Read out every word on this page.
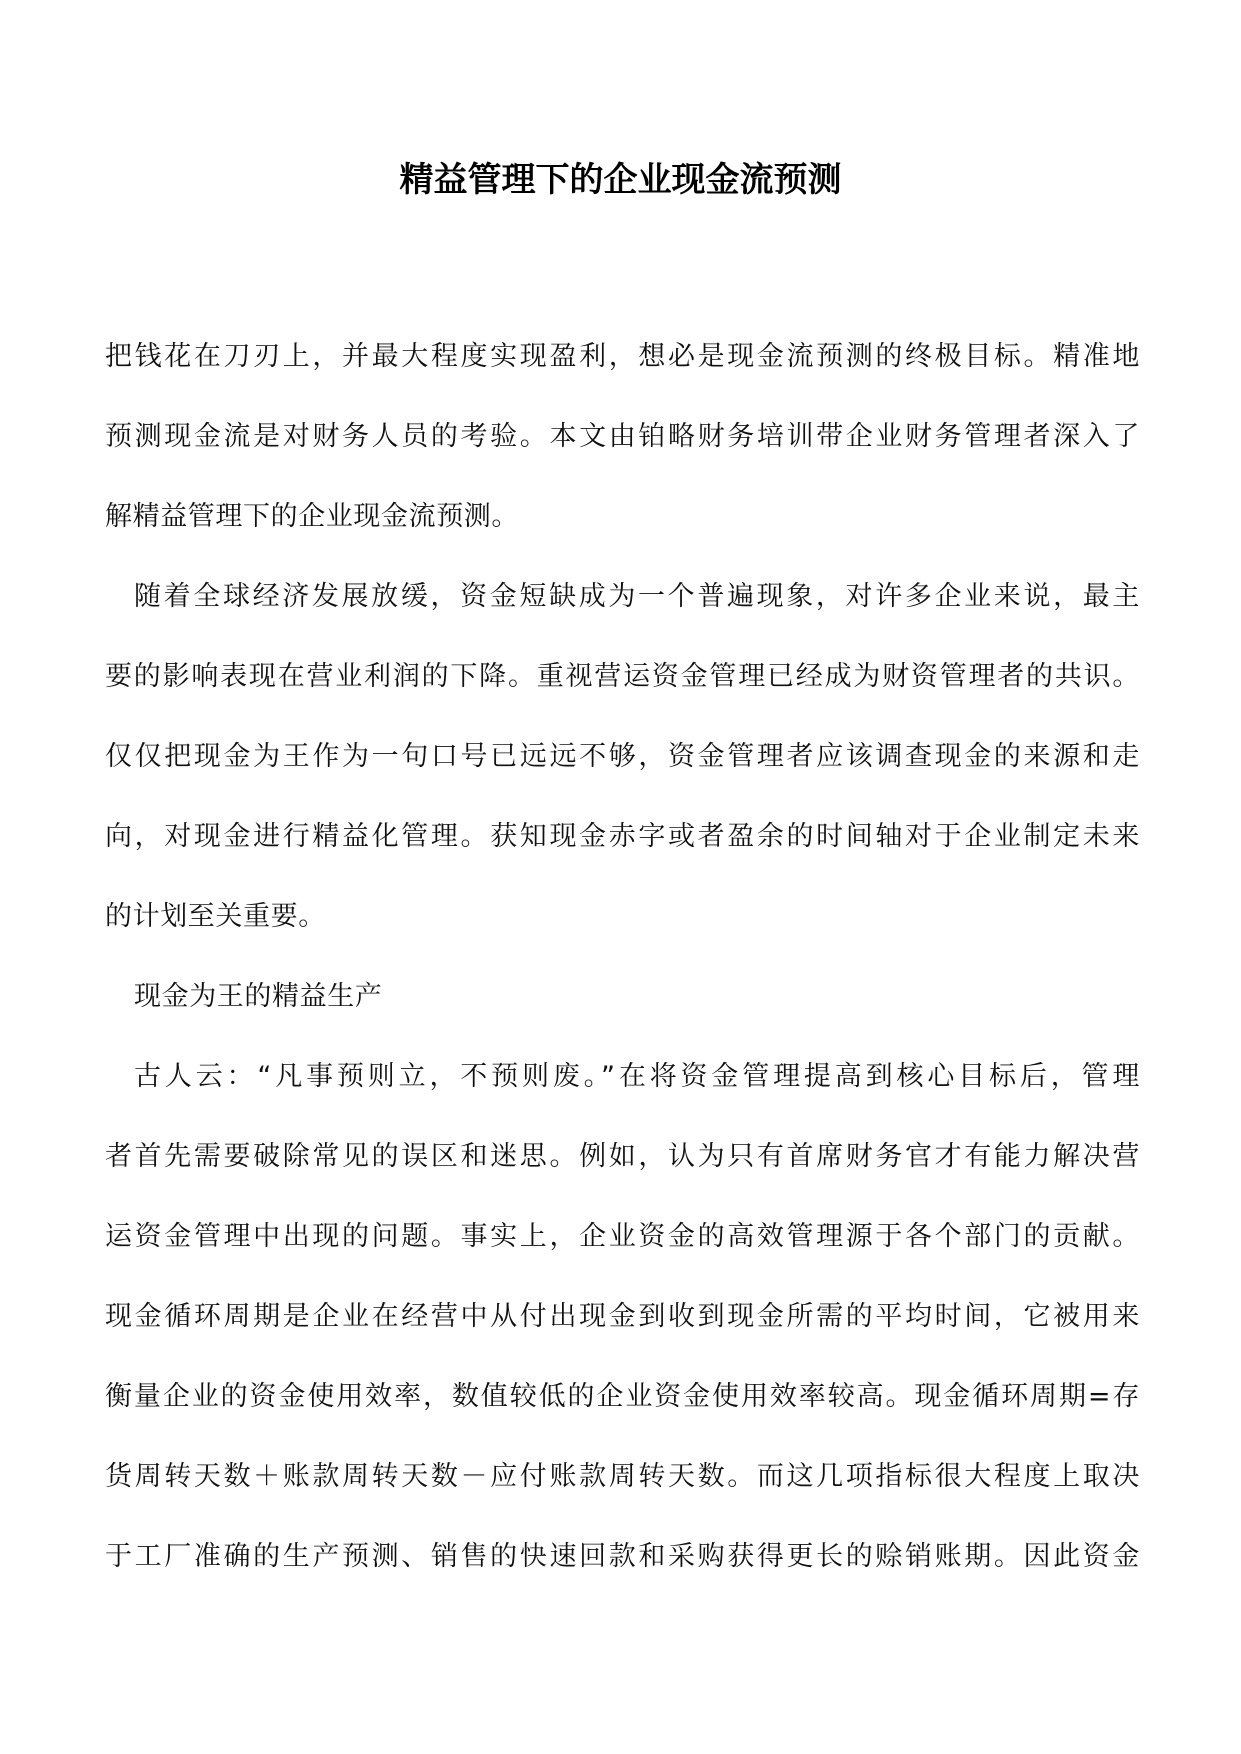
精益管理下的企业现金流预测
把钱花在刀刃上，并最大程度实现盈利，想必是现金流预测的终极目标。精准地
预测现金流是对财务人员的考验。本文由铂略财务培训带企业财务管理者深入了
解精益管理下的企业现金流预测。
随着全球经济发展放缓，资金短缺成为一个普遍现象，对许多企业来说，最主
要的影响表现在营业利润的下降。重视营运资金管理已经成为财资管理者的共识。
仅仅把现金为王作为一句口号已远远不够，资金管理者应该调查现金的来源和走
向，对现金进行精益化管理。获知现金赤字或者盈余的时间轴对于企业制定未来
的计划至关重要。
现金为王的精益生产
古人云：“凡事预则立，不预则废。”在将资金管理提高到核心目标后，管理
者首先需要破除常见的误区和迷思。例如，认为只有首席财务官才有能力解决营
运资金管理中出现的问题。事实上，企业资金的高效管理源于各个部门的贡献。
现金循环周期是企业在经营中从付出现金到收到现金所需的平均时间，它被用来
衡量企业的资金使用效率，数值较低的企业资金使用效率较高。现金循环周期=存
货周转天数＋账款周转天数－应付账款周转天数。而这几项指标很大程度上取决
于工厂准确的生产预测、销售的快速回款和采购获得更长的赊销账期。因此资金
